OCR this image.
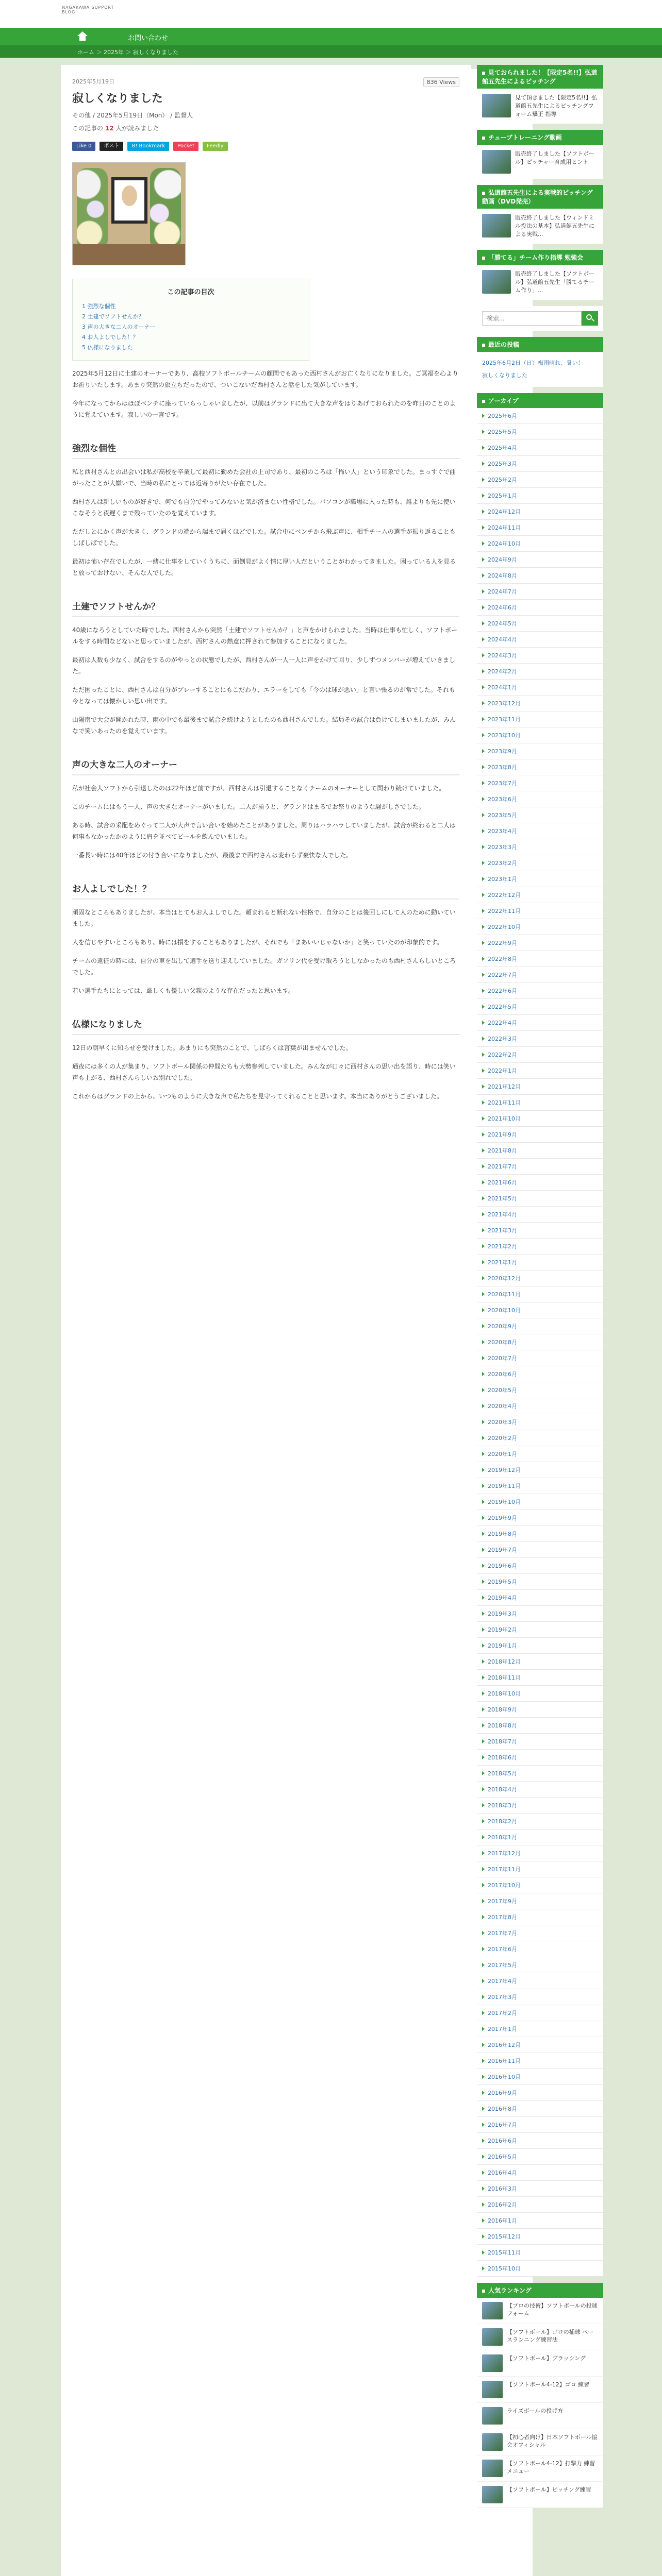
NAGAKAWA SUPPORT BLOG
お問い合わせ
ホーム ＞ 2025年 ＞ 寂しくなりました
2025年5月19日	836 Views
寂しくなりました
その他 / 2025年5月19日（Mon） / 監督人
この記事の 12 人が読みました
Like 0	ポスト	B! Bookmark	Pocket	Feedly
この記事の目次
1 強烈な個性
2 土建でソフトせんか？
3 声の大きな二人のオーナー
4 お人よしでした！？
5 仏様になりました

2025年5月12日に土建のオーナーであり、高校ソフトボールチームの顧問でもあった西村さんがお亡くなりになりました。ご冥福を心よりお祈りいたします。あまり突然の旅立ちだったので、ついこないだ西村さんと話をした気がしています。

今年になってからはほぼベンチに座っていらっしゃいましたが、以前はグランドに出て大きな声をはりあげておられたのを昨日のことのように覚えています。寂しいの一言です。

強烈な個性

私と西村さんとの出会いは私が高校を卒業して最初に勤めた会社の上司であり、最初のころは「怖い人」という印象でした。まっすぐで曲がったことが大嫌いで、当時の私にとっては近寄りがたい存在でした。

西村さんは新しいものが好きで、何でも自分でやってみないと気が済まない性格でした。パソコンが職場に入った時も、誰よりも先に使いこなそうと夜遅くまで残っていたのを覚えています。

ただしとにかく声が大きく、グランドの端から端まで届くほどでした。試合中にベンチから飛ぶ声に、相手チームの選手が振り返ることもしばしばでした。

最初は怖い存在でしたが、一緒に仕事をしていくうちに、面倒見がよく情に厚い人だということがわかってきました。困っている人を見ると放っておけない、そんな人でした。

土建でソフトせんか？

40歳になろうとしていた時でした。西村さんから突然「土建でソフトせんか？」と声をかけられました。当時は仕事も忙しく、ソフトボールをする時間などないと思っていましたが、西村さんの熱意に押されて参加することになりました。

最初は人数も少なく、試合をするのがやっとの状態でしたが、西村さんが一人一人に声をかけて回り、少しずつメンバーが増えていきました。

ただ困ったことに、西村さんは自分がプレーすることにもこだわり、エラーをしても「今のは球が悪い」と言い張るのが常でした。それも今となっては懐かしい思い出です。

山陽南で大会が開かれた時、雨の中でも最後まで試合を続けようとしたのも西村さんでした。結局その試合は負けてしまいましたが、みんなで笑いあったのを覚えています。

声の大きな二人のオーナー

私が社会人ソフトから引退したのは22年ほど前ですが、西村さんは引退することなくチームのオーナーとして関わり続けていました。

このチームにはもう一人、声の大きなオーナーがいました。二人が揃うと、グランドはまるでお祭りのような騒がしさでした。

ある時、試合の采配をめぐって二人が大声で言い合いを始めたことがありました。周りはハラハラしていましたが、試合が終わると二人は何事もなかったかのように肩を並べてビールを飲んでいました。

一番長い時には40年ほどの付き合いになりましたが、最後まで西村さんは変わらず豪快な人でした。

お人よしでした！？

頑固なところもありましたが、本当はとてもお人よしでした。頼まれると断れない性格で、自分のことは後回しにして人のために動いていました。

人を信じやすいところもあり、時には損をすることもありましたが、それでも「まあいいじゃないか」と笑っていたのが印象的です。

チームの遠征の時には、自分の車を出して選手を送り迎えしていました。ガソリン代を受け取ろうとしなかったのも西村さんらしいところでした。

若い選手たちにとっては、厳しくも優しい父親のような存在だったと思います。

仏様になりました

12日の朝早くに知らせを受けました。あまりにも突然のことで、しばらくは言葉が出ませんでした。

通夜には多くの人が集まり、ソフトボール関係の仲間たちも大勢参列していました。みんなが口々に西村さんの思い出を語り、時には笑い声も上がる、西村さんらしいお別れでした。

これからはグランドの上から、いつものように大きな声で私たちを見守ってくれることと思います。本当にありがとうございました。

見ておられました！【限定5名!!】弘道館五先生によるピッチング
見て頂きました【限定5名!!】弘道館五先生によるピッチングフォーム矯正 指導
チューブトレーニング動画
販売終了しました【ソフトボール】ピッチャー育成用ヒント
弘道館五先生による実戦的ピッチング動画（DVD発売）
販売終了しました【ウィンドミル投法の基本】弘道館五先生による実戦...
「勝てる」チーム作り指導 勉強会
販売終了しました【ソフトボール】弘道館五先生「勝てるチーム作り」...
検索...
最近の投稿
2025年6月2日（日）梅雨晴れ、暑い！
寂しくなりました
アーカイブ
2025年6月
2025年5月
2025年4月
2025年3月
2025年2月
2025年1月
2024年12月
2024年11月
2024年10月
2024年9月
2024年8月
2024年7月
2024年6月
2024年5月
2024年4月
2024年3月
2024年2月
2024年1月
2023年12月
2023年11月
2023年10月
2023年9月
2023年8月
2023年7月
2023年6月
2023年5月
2023年4月
2023年3月
2023年2月
2023年1月
2022年12月
2022年11月
2022年10月
2022年9月
2022年8月
2022年7月
2022年6月
2022年5月
2022年4月
2022年3月
2022年2月
2022年1月
2021年12月
2021年11月
2021年10月
2021年9月
2021年8月
2021年7月
2021年6月
2021年5月
2021年4月
2021年3月
2021年2月
2021年1月
2020年12月
2020年11月
2020年10月
2020年9月
2020年8月
2020年7月
2020年6月
2020年5月
2020年4月
2020年3月
2020年2月
2020年1月
2019年12月
2019年11月
2019年10月
2019年9月
2019年8月
2019年7月
2019年6月
2019年5月
2019年4月
2019年3月
2019年2月
2019年1月
2018年12月
2018年11月
2018年10月
2018年9月
2018年8月
2018年7月
2018年6月
2018年5月
2018年4月
2018年3月
2018年2月
2018年1月
2017年12月
2017年11月
2017年10月
2017年9月
2017年8月
2017年7月
2017年6月
2017年5月
2017年4月
2017年3月
2017年2月
2017年1月
2016年12月
2016年11月
2016年10月
2016年9月
2016年8月
2016年7月
2016年6月
2016年5月
2016年4月
2016年3月
2016年2月
2016年1月
2015年12月
2015年11月
2015年10月
人気ランキング
【プロの技術】ソフトボールの投球フォーム
【ソフトボール】ゴロの捕球 ベースランニング練習法
【ソフトボール】ブラッシング
【ソフトボール4-12】ゴロ 練習
ライズボールの投げ方
【初心者向け】日本ソフトボール協会オフィシャル
【ソフトボール4-12】打撃力 練習メニュー
【ソフトボール】ピッチング練習
